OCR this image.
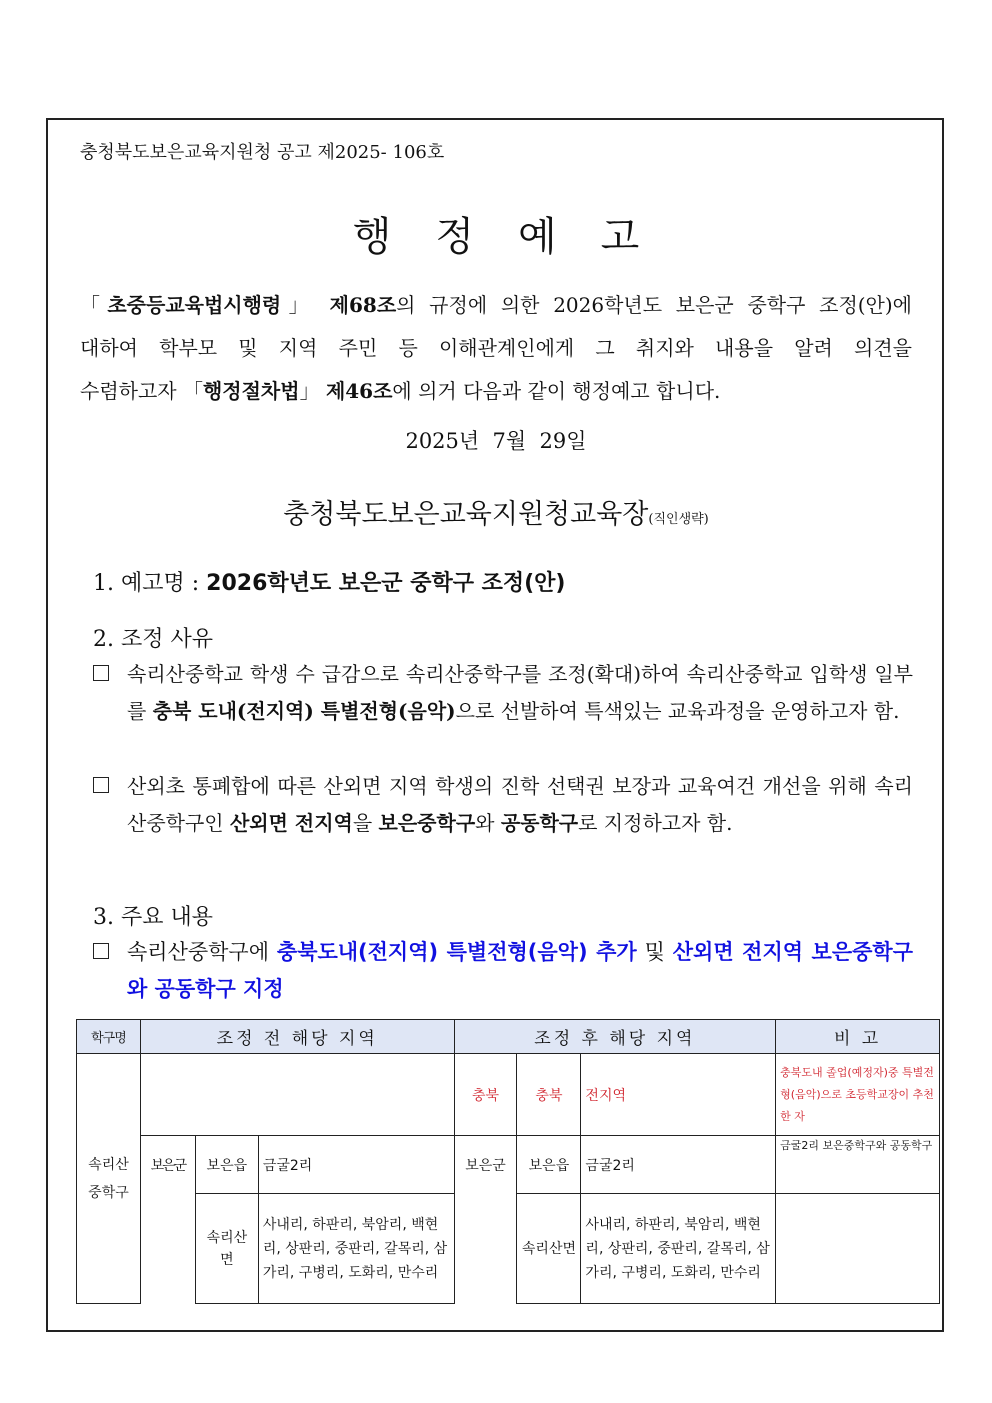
충청북도보은교육지원청 공고 제2025- 106호
행정예고
「초중등교육법시행령」 제68조의 규정에 의한 2026학년도 보은군 중학구 조정(안)에
대하여 학부모 및 지역 주민 등 이해관계인에게 그 취지와 내용을 알려 의견을
수렴하고자 「행정절차법」 제46조에 의거 다음과 같이 행정예고 합니다.
2025년  7월  29일
충청북도보은교육지원청교육장(직인생략)
1. 예고명 : 2026학년도 보은군 중학구 조정(안)
2. 조정 사유
속리산중학교 학생 수 급감으로 속리산중학구를 조정(확대)하여 속리산중학교 입학생 일부를 충북 도내(전지역) 특별전형(음악)으로 선발하여 특색있는 교육과정을 운영하고자 함.
산외초 통폐합에 따른 산외면 지역 학생의 진학 선택권 보장과 교육여건 개선을 위해 속리산중학구인 산외면 전지역을 보은중학구와 공동학구로 지정하고자 함.
3. 주요 내용
속리산중학구에 충북도내(전지역) 특별전형(음악) 추가 및 산외면 전지역 보은중학구와 공동학구 지정
학구명	조정 전 해당 지역			조정 후 해당 지역			비 고
속리산 중학구				충북	충북	전지역	충북도내 졸업(예정자)중 특별전형(음악)으로 초등학교장이 추천한 자
	보은군	보은읍	금굴2리	보은군	보은읍	금굴2리	금굴2리 보은중학구와 공동학구
		속리산면	사내리, 하판리, 북암리, 백현리, 상판리, 중판리, 갈목리, 삼가리, 구병리, 도화리, 만수리		속리산면	사내리, 하판리, 북암리, 백현리, 상판리, 중판리, 갈목리, 삼가리, 구병리, 도화리, 만수리	
